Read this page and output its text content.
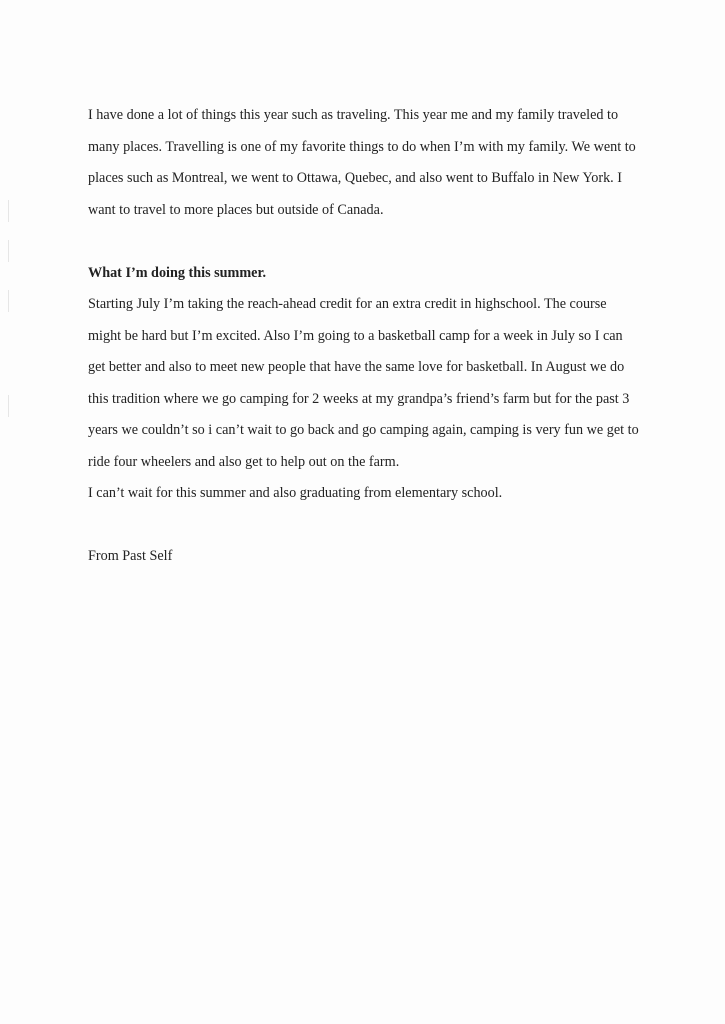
I have done a lot of things this year such as traveling. This year me and my family traveled to
many places. Travelling is one of my favorite things to do when I’m with my family. We went to
places such as Montreal, we went to Ottawa, Quebec, and also went to Buffalo in New York. I
want to travel to more places but outside of Canada.

What I’m doing this summer.

Starting July I’m taking the reach-ahead credit for an extra credit in highschool. The course
might be hard but I’m excited. Also I’m going to a basketball camp for a week in July so I can
get better and also to meet new people that have the same love for basketball. In August we do
this tradition where we go camping for 2 weeks at my grandpa’s friend’s farm but for the past 3
years we couldn’t so i can’t wait to go back and go camping again, camping is very fun we get to
ride four wheelers and also get to help out on the farm.

I can’t wait for this summer and also graduating from elementary school.

From Past Self
